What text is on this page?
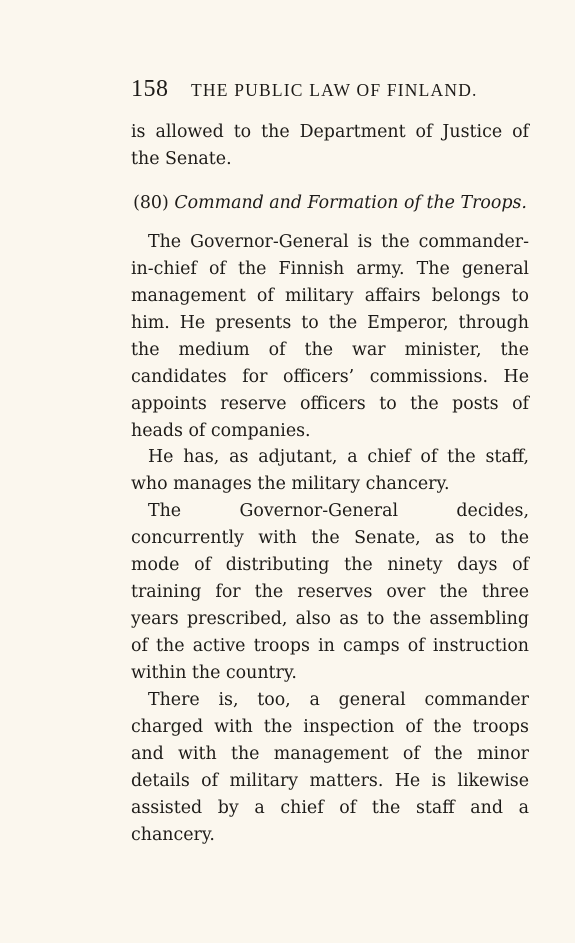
158 THE PUBLIC LAW OF FINLAND.

is allowed to the Department of Justice of the Senate.

(80) Command and Formation of the Troops.

The Governor-General is the commander-in-chief of the Finnish army. The general management of military affairs belongs to him. He presents to the Emperor, through the medium of the war minister, the candidates for officers’ commissions. He appoints reserve officers to the posts of heads of companies.

He has, as adjutant, a chief of the staff, who manages the military chancery.

The Governor-General decides, concurrently with the Senate, as to the mode of distributing the ninety days of training for the reserves over the three years prescribed, also as to the assembling of the active troops in camps of instruction within the country.

There is, too, a general commander charged with the inspection of the troops and with the management of the minor details of military matters. He is likewise assisted by a chief of the staff and a chancery.
